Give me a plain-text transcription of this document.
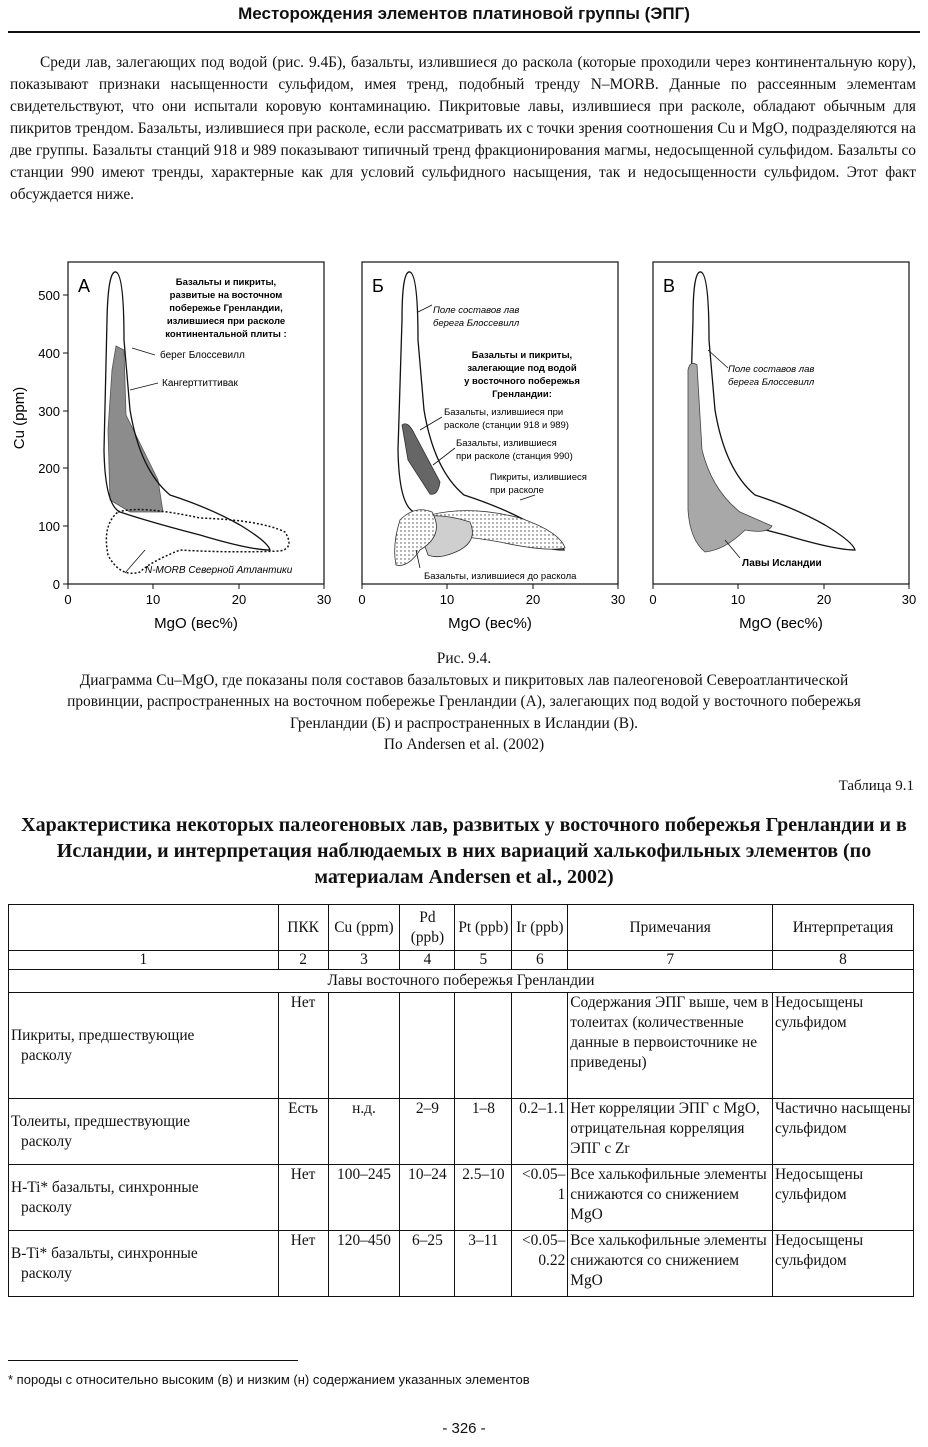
Месторождения элементов платиновой группы (ЭПГ)

Среди лав, залегающих под водой (рис. 9.4Б), базальты, излившиеся до раскола (которые проходили через континентальную кору), показывают признаки насыщенности сульфидом, имея тренд, подобный тренду N–MORB. Данные по рассеянным элементам свидетельствуют, что они испытали коровую контаминацию. Пикритовые лавы, излившиеся при расколе, обладают обычным для пикритов трендом. Базальты, излившиеся при расколе, если рассматривать их с точки зрения соотношения Cu и MgO, подразделяются на две группы. Базальты станций 918 и 989 показывают типичный тренд фракционирования магмы, недосыщенной сульфидом. Базальты со станции 990 имеют тренды, характерные как для условий сульфидного насыщения, так и недосыщенности сульфидом. Этот факт обсуждается ниже.

Cu (ppm)
0
100
200
300
400
500 А	Базальты и пикриты,
развитые на восточном
побережье Гренландии,
излившиеся при расколе
континентальной плиты :
берег Блоссевилл
Кангерттиттивак
N-MORB Северной Атлантики
0	10	20	30
MgO (вес%)
Б
Поле составов лав
берега Блоссевилл
Базальты и пикриты,
залегающие под водой
у восточного побережья
Гренландии:
Базальты, излившиеся при
расколе (станции 918 и 989)
Базальты, излившиеся
при расколе (станция 990)
Пикриты, излившиеся
при расколе
Базальты, излившиеся до раскола
0	10	20	30
MgO (вес%)
В
Поле составов лав
берега Блоссевилл
Лавы Исландии
0	10	20	30
MgO (вес%)
Рис. 9.4.
Диаграмма Cu–MgO, где показаны поля составов базальтовых и пикритовых лав палеогеновой Североатлантической провинции, распространенных на восточном побережье Гренландии (А), залегающих под водой у восточного побережья Гренландии (Б) и распространенных в Исландии (В).
По Andersen et al. (2002)
Таблица 9.1
Характеристика некоторых палеогеновых лав, развитых у восточного побережья Гренландии и в Исландии, и интерпретация наблюдаемых в них вариаций халькофильных элементов (по материалам Andersen et al., 2002)
	ПКК	Cu (ppm)	Pd (ppb)	Pt (ppb)	Ir (ppb)	Примечания	Интерпретация
1	2	3	4	5	6	7	8
Лавы восточного побережья Гренландии							
Пикриты, предшествующие
расколу	Нет					Содержания ЭПГ выше, чем в толеитах (количественные данные в первоисточнике не приведены)	Недосыщены сульфидом
Толеиты, предшествующие
расколу	Есть	н.д.	2–9	1–8	0.2–1.1	Нет корреляции ЭПГ с MgO, отрицательная корреляция ЭПГ с Zr	Частично насыщены сульфидом
Н-Ti* базальты, синхронные
расколу	Нет	100–245	10–24	2.5–10	<0.05–1	Все халькофильные элементы снижаются со снижением MgO	Недосыщены сульфидом
В-Ti* базальты, синхронные
расколу	Нет	120–450	6–25	3–11	<0.05–0.22	Все халькофильные элементы снижаются со снижением MgO	Недосыщены сульфидом
* породы с относительно высоким (в) и низким (н) содержанием указанных элементов
- 326 -
